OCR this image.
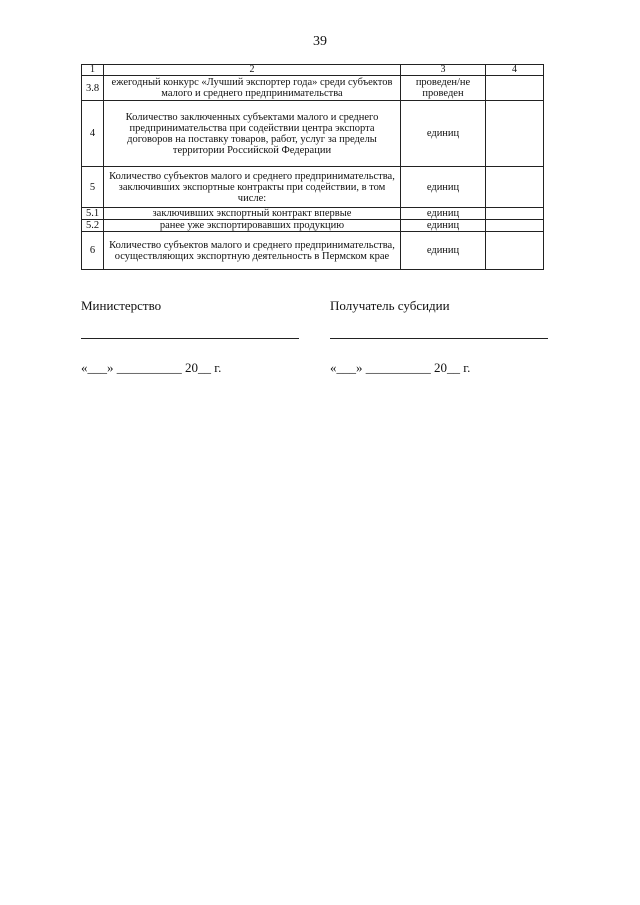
39
1	2	3	4
3.8	ежегодный конкурс «Лучший экспортер года» среди субъектов малого и среднего предпринимательства	проведен/не проведен	
4	Количество заключенных субъектами малого и среднего предпринимательства при содействии центра экспорта договоров на поставку товаров, работ, услуг за пределы территории Российской Федерации	единиц	
5	Количество субъектов малого и среднего предпринимательства, заключивших экспортные контракты при содействии, в том числе:	единиц	
5.1	заключивших экспортный контракт впервые	единиц	
5.2	ранее уже экспортировавших продукцию	единиц	
6	Количество субъектов малого и среднего предпринимательства, осуществляющих экспортную деятельность в Пермском крае	единиц	
Министерство	Получатель субсидии
«___» __________ 20__ г.	«___» __________ 20__ г.
